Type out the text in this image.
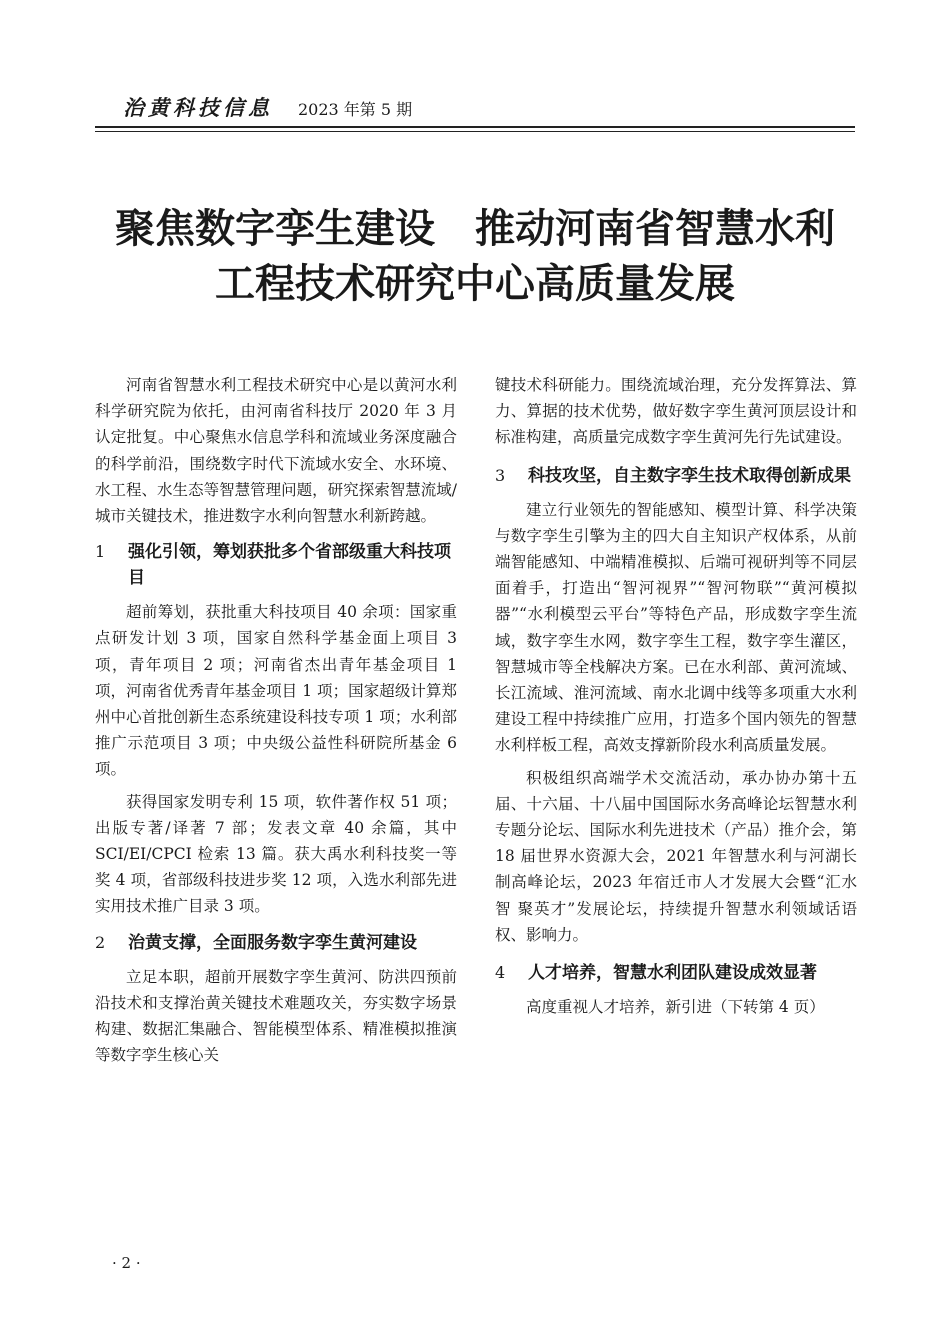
治黄科技信息 2023 年第 5 期
聚焦数字孪生建设　推动河南省智慧水利
工程技术研究中心高质量发展

河南省智慧水利工程技术研究中心是以黄河水利科学研究院为依托，由河南省科技厅 2020 年 3 月认定批复。中心聚焦水信息学科和流域业务深度融合的科学前沿，围绕数字时代下流域水安全、水环境、水工程、水生态等智慧管理问题，研究探索智慧流域/城市关键技术，推进数字水利向智慧水利新跨越。

1 强化引领，筹划获批多个省部级重大科技项目

超前筹划，获批重大科技项目 40 余项：国家重点研发计划 3 项，国家自然科学基金面上项目 3 项，青年项目 2 项；河南省杰出青年基金项目 1 项，河南省优秀青年基金项目 1 项；国家超级计算郑州中心首批创新生态系统建设科技专项 1 项；水利部推广示范项目 3 项；中央级公益性科研院所基金 6 项。

获得国家发明专利 15 项，软件著作权 51 项；出版专著/译著 7 部；发表文章 40 余篇，其中 SCI/EI/CPCI 检索 13 篇。获大禹水利科技奖一等奖 4 项，省部级科技进步奖 12 项，入选水利部先进实用技术推广目录 3 项。

2 治黄支撑，全面服务数字孪生黄河建设

立足本职，超前开展数字孪生黄河、防洪四预前沿技术和支撑治黄关键技术难题攻关，夯实数字场景构建、数据汇集融合、智能模型体系、精准模拟推演等数字孪生核心关

键技术科研能力。围绕流域治理，充分发挥算法、算力、算据的技术优势，做好数字孪生黄河顶层设计和标准构建，高质量完成数字孪生黄河先行先试建设。

3 科技攻坚，自主数字孪生技术取得创新成果

建立行业领先的智能感知、模型计算、科学决策与数字孪生引擎为主的四大自主知识产权体系，从前端智能感知、中端精准模拟、后端可视研判等不同层面着手，打造出“智河视界”“智河物联”“黄河模拟器”“水利模型云平台”等特色产品，形成数字孪生流域，数字孪生水网，数字孪生工程，数字孪生灌区，智慧城市等全栈解决方案。已在水利部、黄河流域、长江流域、淮河流域、南水北调中线等多项重大水利建设工程中持续推广应用，打造多个国内领先的智慧水利样板工程，高效支撑新阶段水利高质量发展。

积极组织高端学术交流活动，承办协办第十五届、十六届、十八届中国国际水务高峰论坛智慧水利专题分论坛、国际水利先进技术（产品）推介会，第 18 届世界水资源大会，2021 年智慧水利与河湖长制高峰论坛，2023 年宿迁市人才发展大会暨“汇水智 聚英才”发展论坛，持续提升智慧水利领域话语权、影响力。

4 人才培养，智慧水利团队建设成效显著

高度重视人才培养，新引进（下转第 4 页）

· 2 ·
